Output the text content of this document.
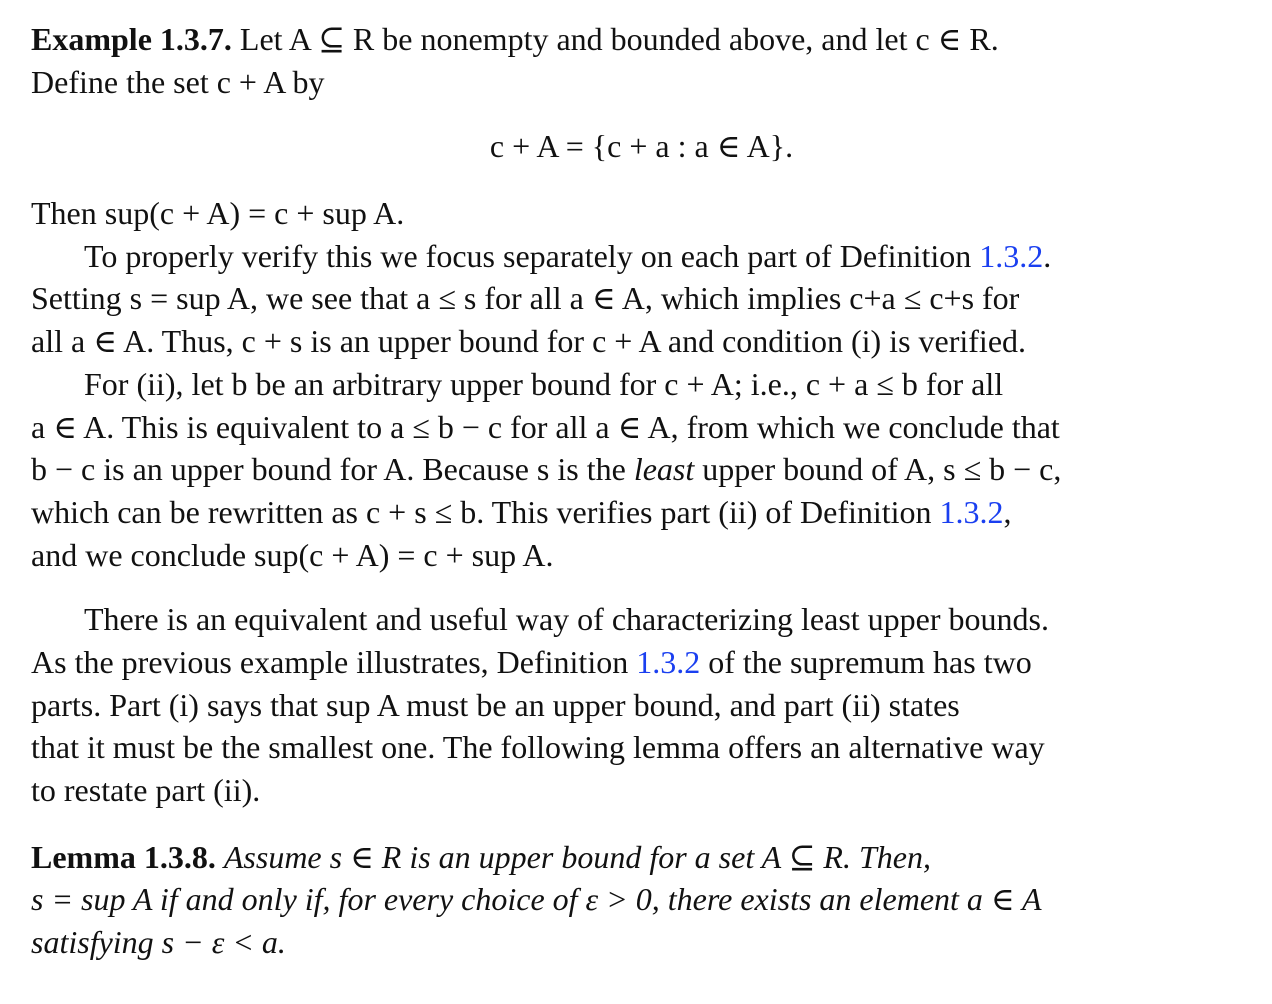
Example 1.3.7. Let A ⊆ R be nonempty and bounded above, and let c ∈ R.
Define the set c + A by
c + A = {c + a : a ∈ A}.
Then sup(c + A) = c + sup A.
To properly verify this we focus separately on each part of Definition 1.3.2.
Setting s = sup A, we see that a ≤ s for all a ∈ A, which implies c+a ≤ c+s for
all a ∈ A. Thus, c + s is an upper bound for c + A and condition (i) is verified.
For (ii), let b be an arbitrary upper bound for c + A; i.e., c + a ≤ b for all
a ∈ A. This is equivalent to a ≤ b − c for all a ∈ A, from which we conclude that
b − c is an upper bound for A. Because s is the least upper bound of A, s ≤ b − c,
which can be rewritten as c + s ≤ b. This verifies part (ii) of Definition 1.3.2,
and we conclude sup(c + A) = c + sup A.
There is an equivalent and useful way of characterizing least upper bounds.
As the previous example illustrates, Definition 1.3.2 of the supremum has two
parts. Part (i) says that sup A must be an upper bound, and part (ii) states
that it must be the smallest one. The following lemma offers an alternative way
to restate part (ii).
Lemma 1.3.8. Assume s ∈ R is an upper bound for a set A ⊆ R. Then,
s = sup A if and only if, for every choice of ε > 0, there exists an element a ∈ A
satisfying s − ε < a.
